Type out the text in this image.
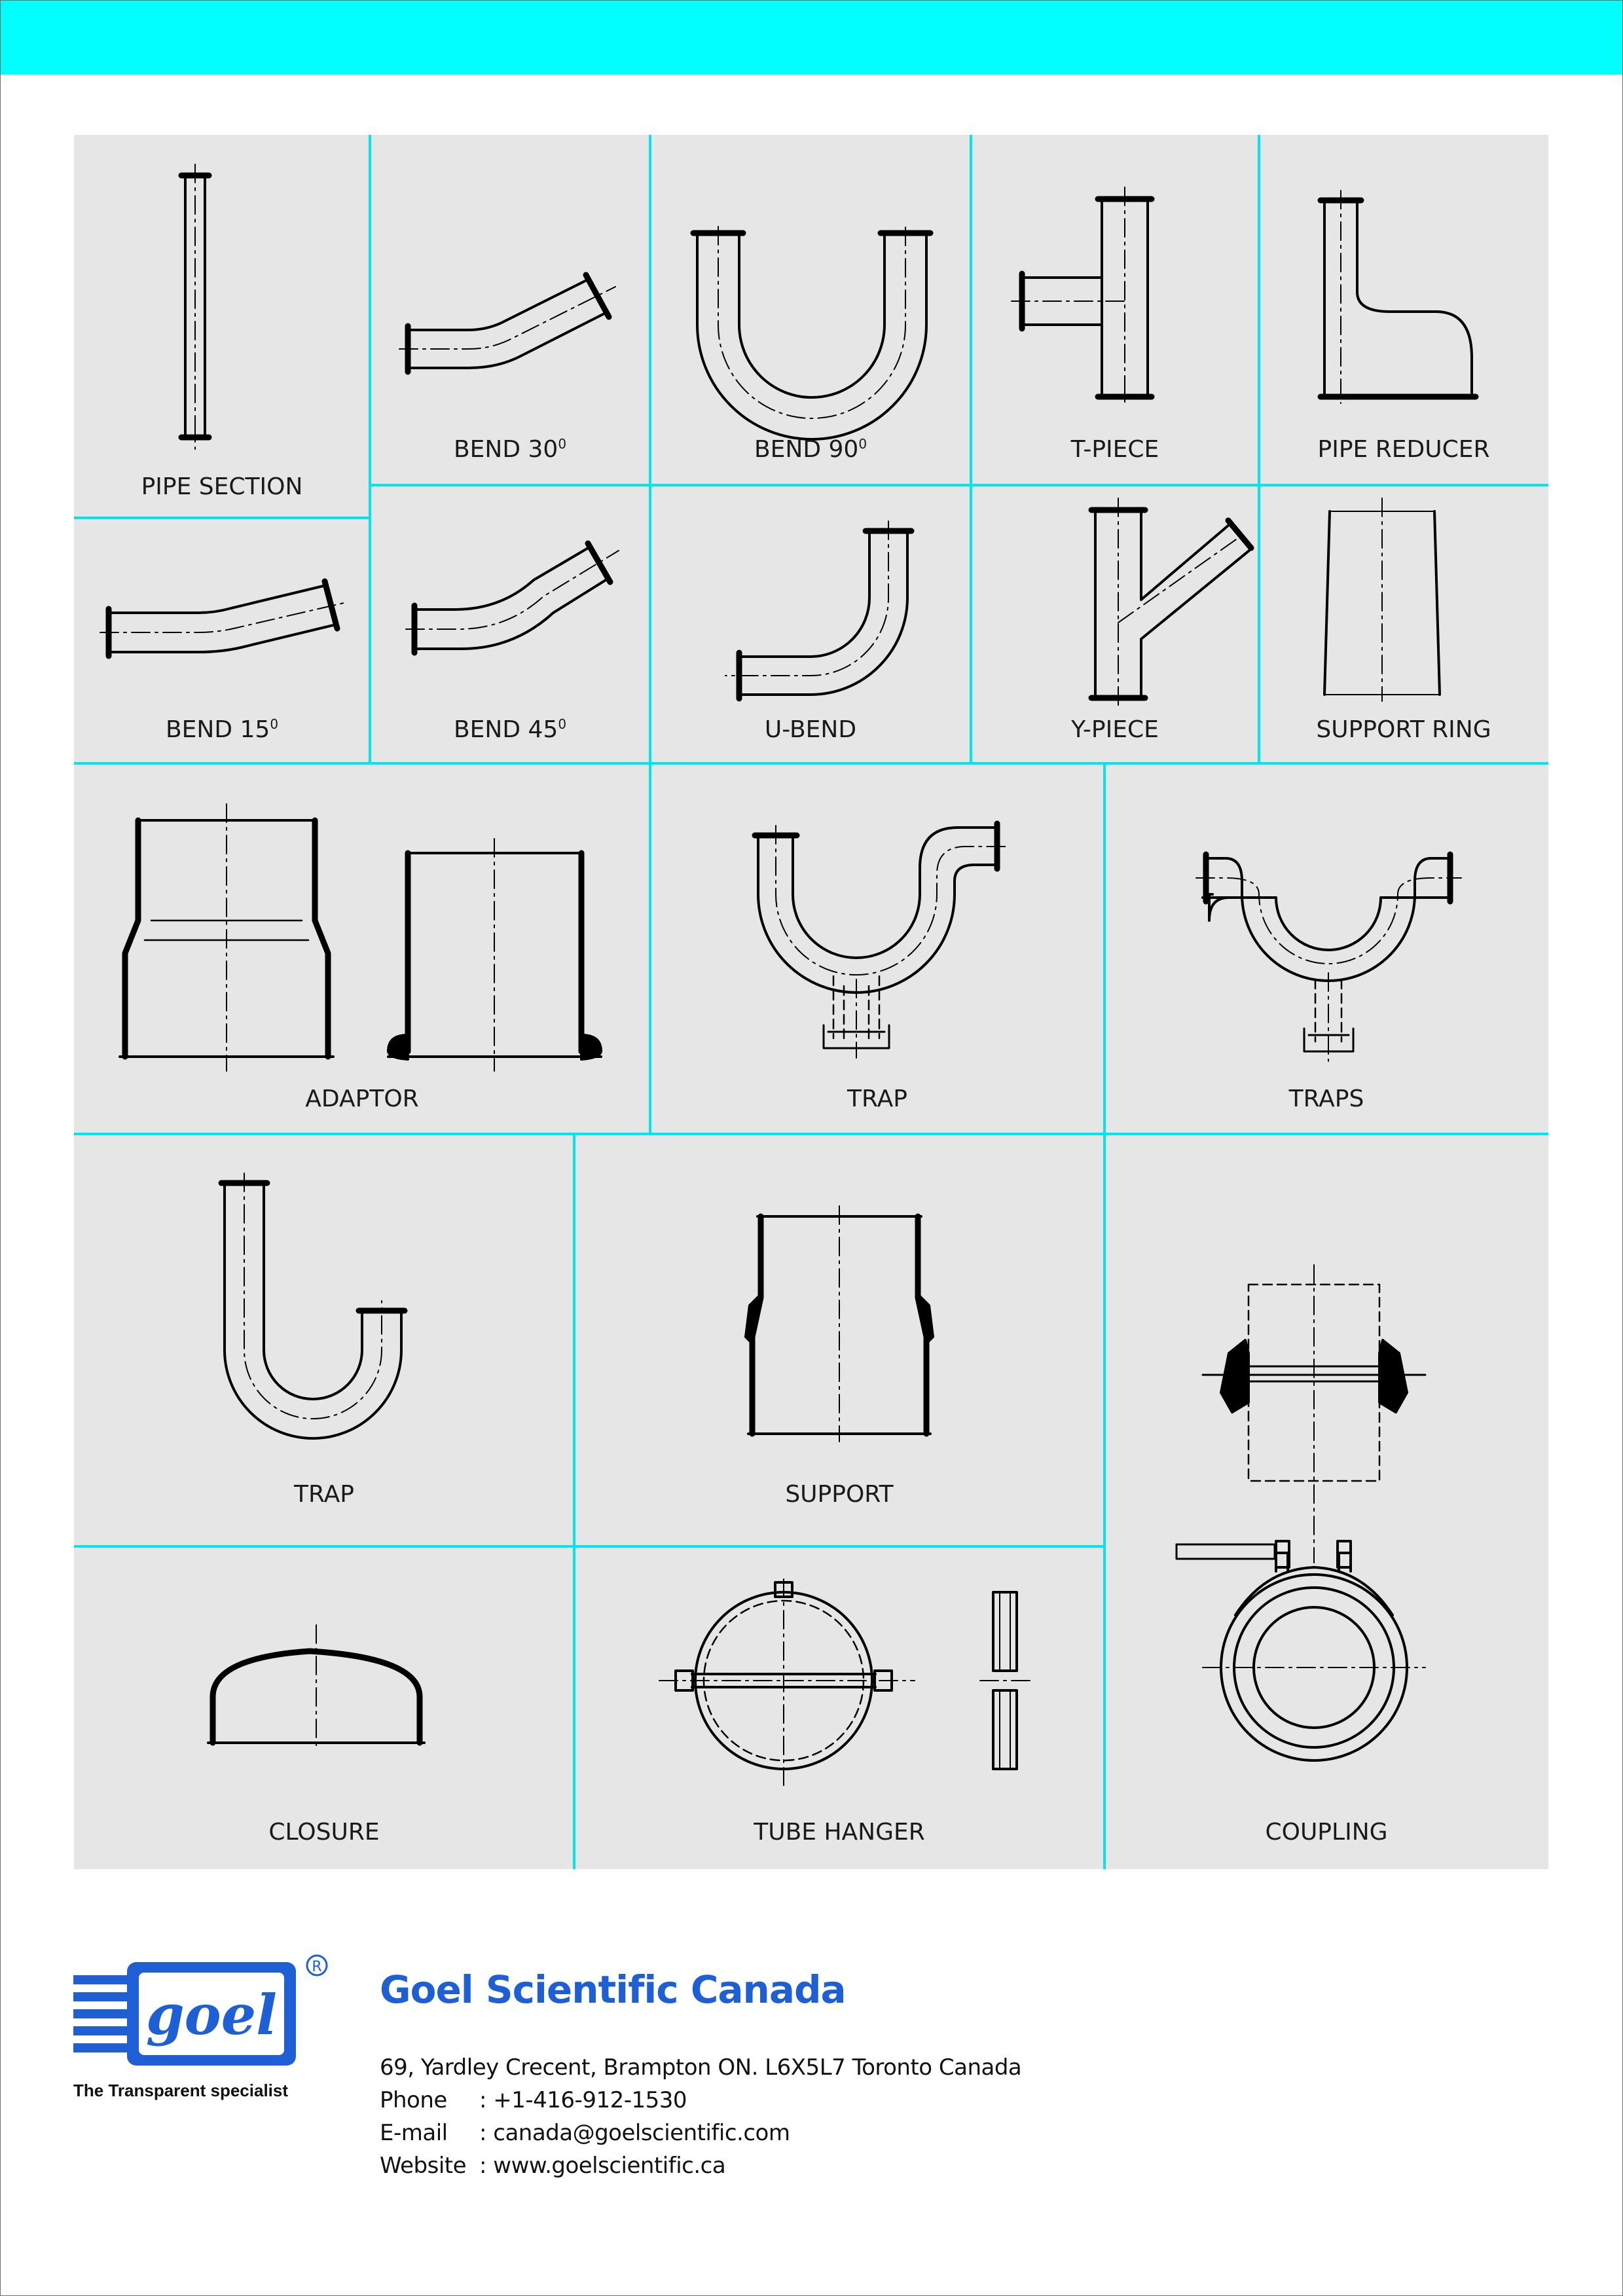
PIPE SECTION
BEND $30^0$	BEND $90^0$	T-PIECE	PIPE REDUCER
BEND $15^0$	BEND $45^0$	U-BEND	Y-PIECE	SUPPORT RING
ADAPTOR	TRAP	TRAPS
TRAP	SUPPORT
COUPLING
CLOSURE	TUBE HANGER
goel
R
The Transparent specialist
Goel Scientific Canada
69, Yardley Crecent, Brampton ON. L6X5L7 Toronto Canada
Phone : +1-416-912-1530
E-mail : canada@goelscientific.com
Website : www.goelscientific.ca
